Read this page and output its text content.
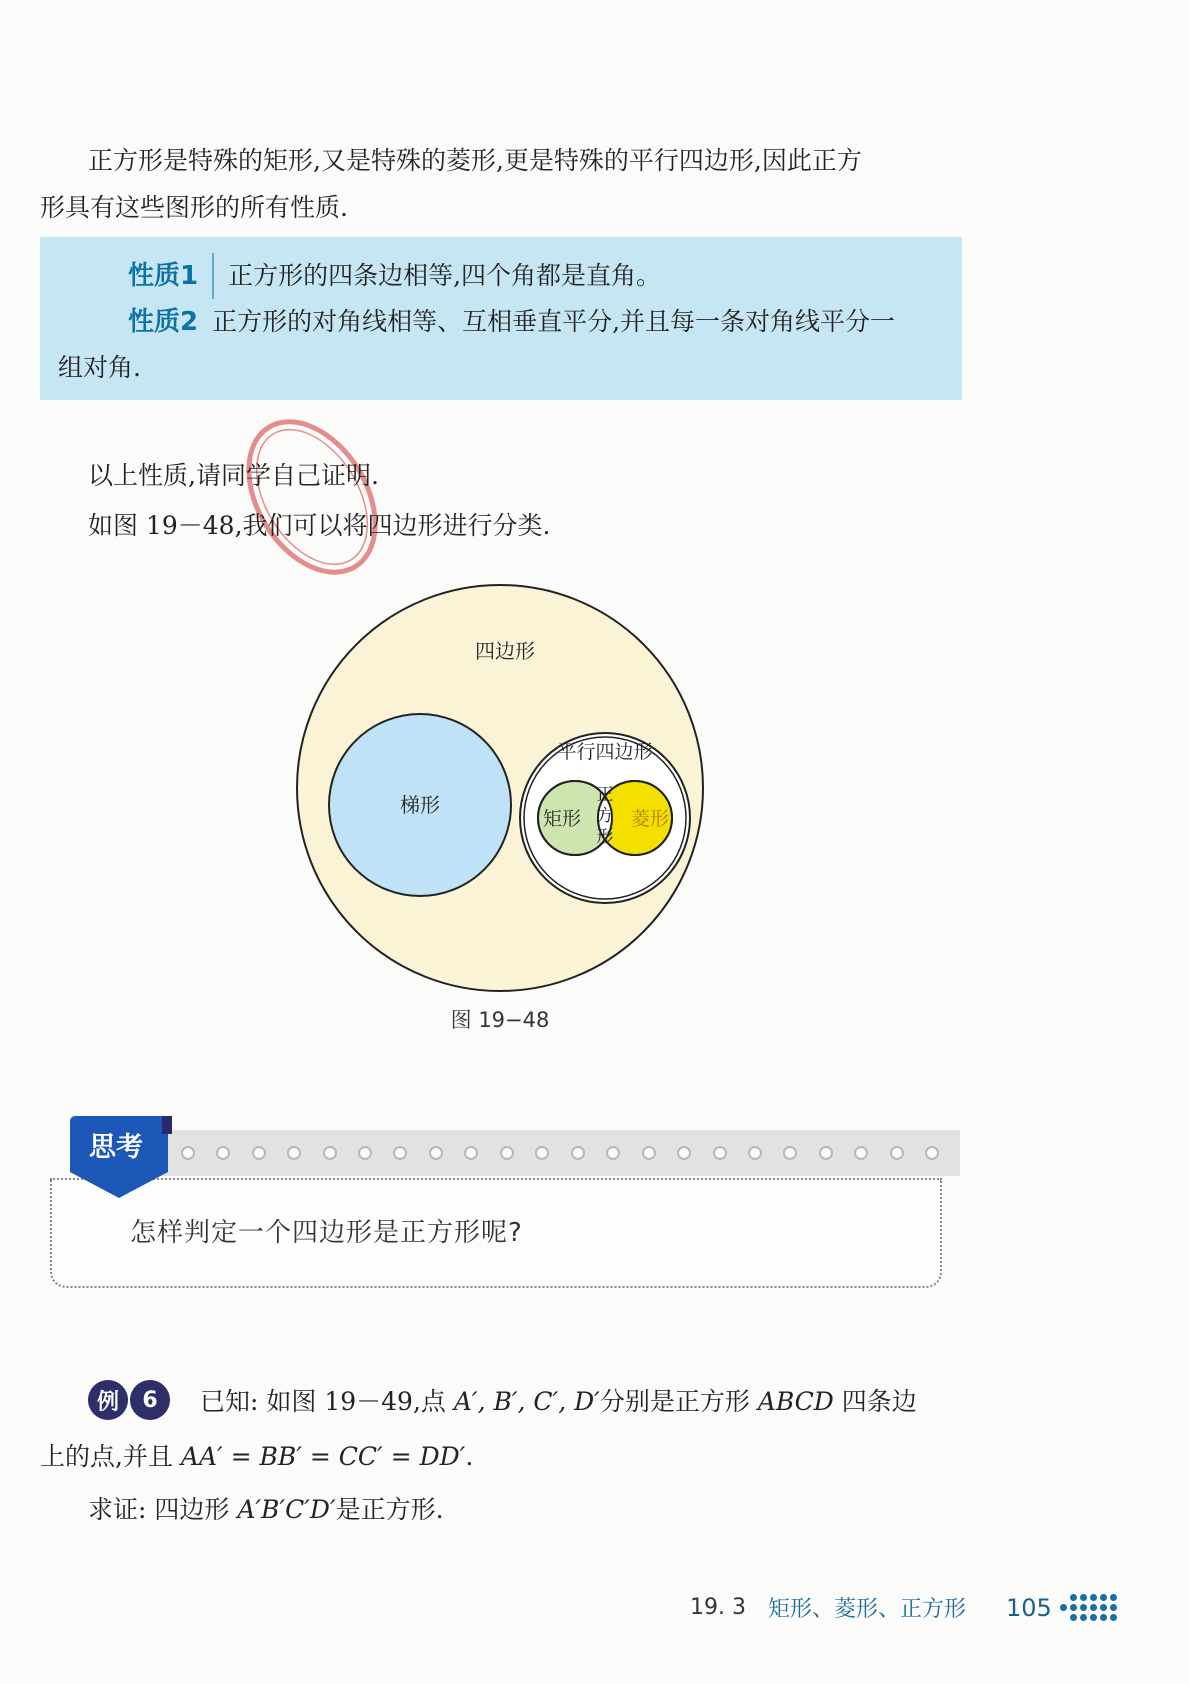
正方形是特殊的矩形,又是特殊的菱形,更是特殊的平行四边形,因此正方

形具有这些图形的所有性质.

性质1	正方形的四条边相等,四个角都是直角。
性质2 正方形的对角线相等、互相垂直平分,并且每一条对角线平分一
组对角.

以上性质,请同学自己证明.

如图 19－48,我们可以将四边形进行分类.

四边形
梯形
平行四边形
矩形	菱形
正
方
形
图 19−48
思考
怎样判定一个四边形是正方形呢?
例	6	已知: 如图 19－49,点 A′, B′, C′, D′分别是正方形 ABCD 四条边

上的点,并且 AA′ = BB′ = CC′ = DD′.

求证: 四边形 A′B′C′D′是正方形.

19. 3 矩形、菱形、正方形 105
